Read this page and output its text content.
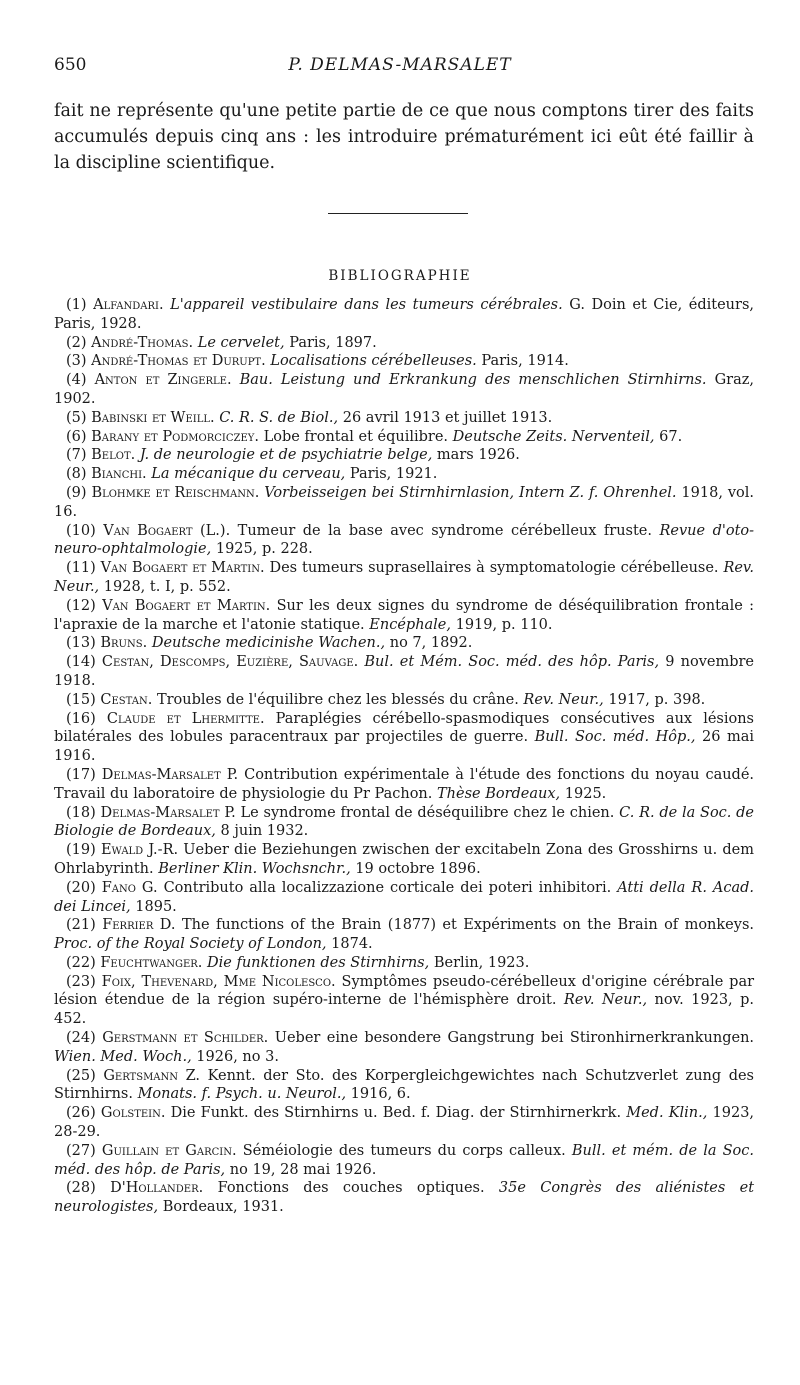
650	P. DELMAS-MARSALET
fait ne représente qu'une petite partie de ce que nous comptons tirer des faits accumulés depuis cinq ans : les introduire prématurément ici eût été faillir à la discipline scientifique.
BIBLIOGRAPHIE

(1) Alfandari. L'appareil vestibulaire dans les tumeurs cérébrales. G. Doin et Cie, éditeurs, Paris, 1928.

(2) André-Thomas. Le cervelet, Paris, 1897.

(3) André-Thomas et Durupt. Localisations cérébelleuses. Paris, 1914.

(4) Anton et Zingerle. Bau. Leistung und Erkrankung des menschlichen Stirnhirns. Graz, 1902.

(5) Babinski et Weill. C. R. S. de Biol., 26 avril 1913 et juillet 1913.

(6) Barany et Podmorciczey. Lobe frontal et équilibre. Deutsche Zeits. Nerventeil, 67.

(7) Belot. J. de neurologie et de psychiatrie belge, mars 1926.

(8) Bianchi. La mécanique du cerveau, Paris, 1921.

(9) Blohmke et Reischmann. Vorbeisseigen bei Stirnhirnlasion, Intern Z. f. Ohrenhel. 1918, vol. 16.

(10) Van Bogaert (L.). Tumeur de la base avec syndrome cérébelleux fruste. Revue d'oto-neuro-ophtalmologie, 1925, p. 228.

(11) Van Bogaert et Martin. Des tumeurs suprasellaires à symptomatologie cérébelleuse. Rev. Neur., 1928, t. I, p. 552.

(12) Van Bogaert et Martin. Sur les deux signes du syndrome de déséquilibration frontale : l'apraxie de la marche et l'atonie statique. Encéphale, 1919, p. 110.

(13) Bruns. Deutsche medicinishe Wachen., no 7, 1892.

(14) Cestan, Descomps, Euzière, Sauvage. Bul. et Mém. Soc. méd. des hôp. Paris, 9 novembre 1918.

(15) Cestan. Troubles de l'équilibre chez les blessés du crâne. Rev. Neur., 1917, p. 398.

(16) Claude et Lhermitte. Paraplégies cérébello-spasmodiques consécutives aux lésions bilatérales des lobules paracentraux par projectiles de guerre. Bull. Soc. méd. Hôp., 26 mai 1916.

(17) Delmas-Marsalet P. Contribution expérimentale à l'étude des fonctions du noyau caudé. Travail du laboratoire de physiologie du Pr Pachon. Thèse Bordeaux, 1925.

(18) Delmas-Marsalet P. Le syndrome frontal de déséquilibre chez le chien. C. R. de la Soc. de Biologie de Bordeaux, 8 juin 1932.

(19) Ewald J.-R. Ueber die Beziehungen zwischen der excitabeln Zona des Grosshirns u. dem Ohrlabyrinth. Berliner Klin. Wochsnchr., 19 octobre 1896.

(20) Fano G. Contributo alla localizzazione corticale dei poteri inhibitori. Atti della R. Acad. dei Lincei, 1895.

(21) Ferrier D. The functions of the Brain (1877) et Expériments on the Brain of monkeys. Proc. of the Royal Society of London, 1874.

(22) Feuchtwanger. Die funktionen des Stirnhirns, Berlin, 1923.

(23) Foix, Thevenard, Mme Nicolesco. Symptômes pseudo-cérébelleux d'origine cérébrale par lésion étendue de la région supéro-interne de l'hémisphère droit. Rev. Neur., nov. 1923, p. 452.

(24) Gerstmann et Schilder. Ueber eine besondere Gangstrung bei Stironhirnerkrankungen. Wien. Med. Woch., 1926, no 3.

(25) Gertsmann Z. Kennt. der Sto. des Korpergleichgewichtes nach Schutzverlet zung des Stirnhirns. Monats. f. Psych. u. Neurol., 1916, 6.

(26) Golstein. Die Funkt. des Stirnhirns u. Bed. f. Diag. der Stirnhirnerkrk. Med. Klin., 1923, 28-29.

(27) Guillain et Garcin. Séméiologie des tumeurs du corps calleux. Bull. et mém. de la Soc. méd. des hôp. de Paris, no 19, 28 mai 1926.

(28) D'Hollander. Fonctions des couches optiques. 35e Congrès des aliénistes et neurologistes, Bordeaux, 1931.
